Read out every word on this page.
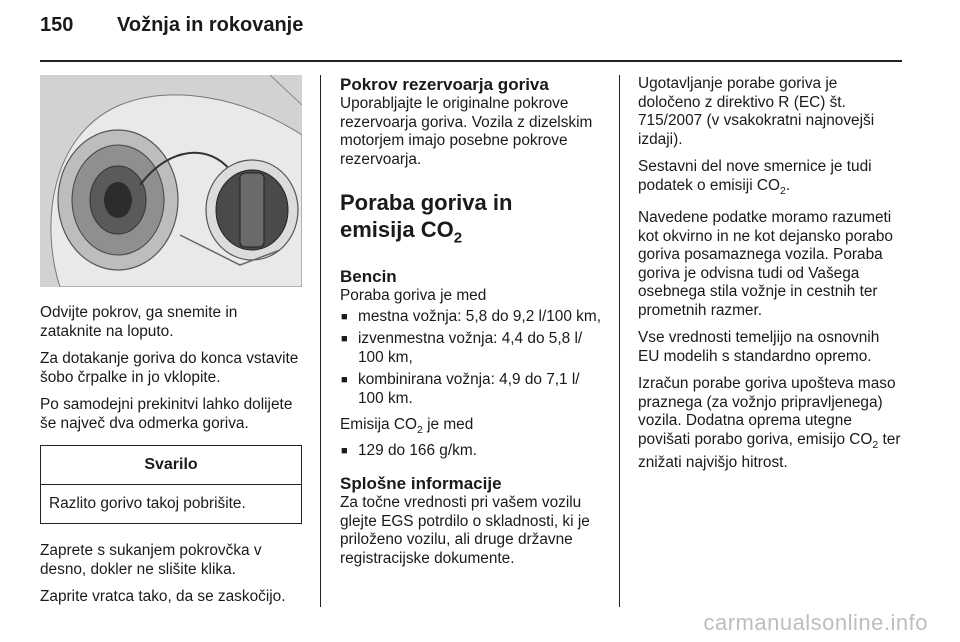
150	Vožnja in rokovanje

Odvijte pokrov, ga snemite in zataknite na loputo.

Za dotakanje goriva do konca vstavite šobo črpalke in jo vklopite.

Po samodejni prekinitvi lahko dolijete še največ dva odmerka goriva.

Svarilo
Razlito gorivo takoj pobrišite.

Zaprete s sukanjem pokrovčka v desno, dokler ne slišite klika.

Zaprite vratca tako, da se zaskočijo.

Pokrov rezervoarja goriva

Uporabljajte le originalne pokrove rezervoarja goriva. Vozila z dizelskim motorjem imajo posebne pokrove rezervoarja.

Poraba goriva in
emisija $CO_2$
Bencin

Poraba goriva je med

■ mestna vožnja: 5,8 do 9,2 l/100 km,
■ izvenmestna vožnja: 4,4 do 5,8 l/ 100 km,
■ kombinirana vožnja: 4,9 do 7,1 l/ 100 km.

Emisija $CO_2$ je med

■ 129 do 166 g/km.
Splošne informacije

Za točne vrednosti pri vašem vozilu glejte EGS potrdilo o skladnosti, ki je priloženo vozilu, ali druge državne registracijske dokumente.

Ugotavljanje porabe goriva je določeno z direktivo R (EC) št. 715/2007 (v vsakokratni najnovejši izdaji).

Sestavni del nove smernice je tudi podatek o emisiji $CO_2$.

Navedene podatke moramo razumeti kot okvirno in ne kot dejansko porabo goriva posamaznega vozila. Poraba goriva je odvisna tudi od Vašega osebnega stila vožnje in cestnih ter prometnih razmer.

Vse vrednosti temeljijo na osnovnih EU modelih s standardno opremo.

Izračun porabe goriva upošteva maso praznega (za vožnjo pripravljenega) vozila. Dodatna oprema utegne povišati porabo goriva, emisijo $CO_2$ ter znižati najvišjo hitrost.

carmanualsonline.info
